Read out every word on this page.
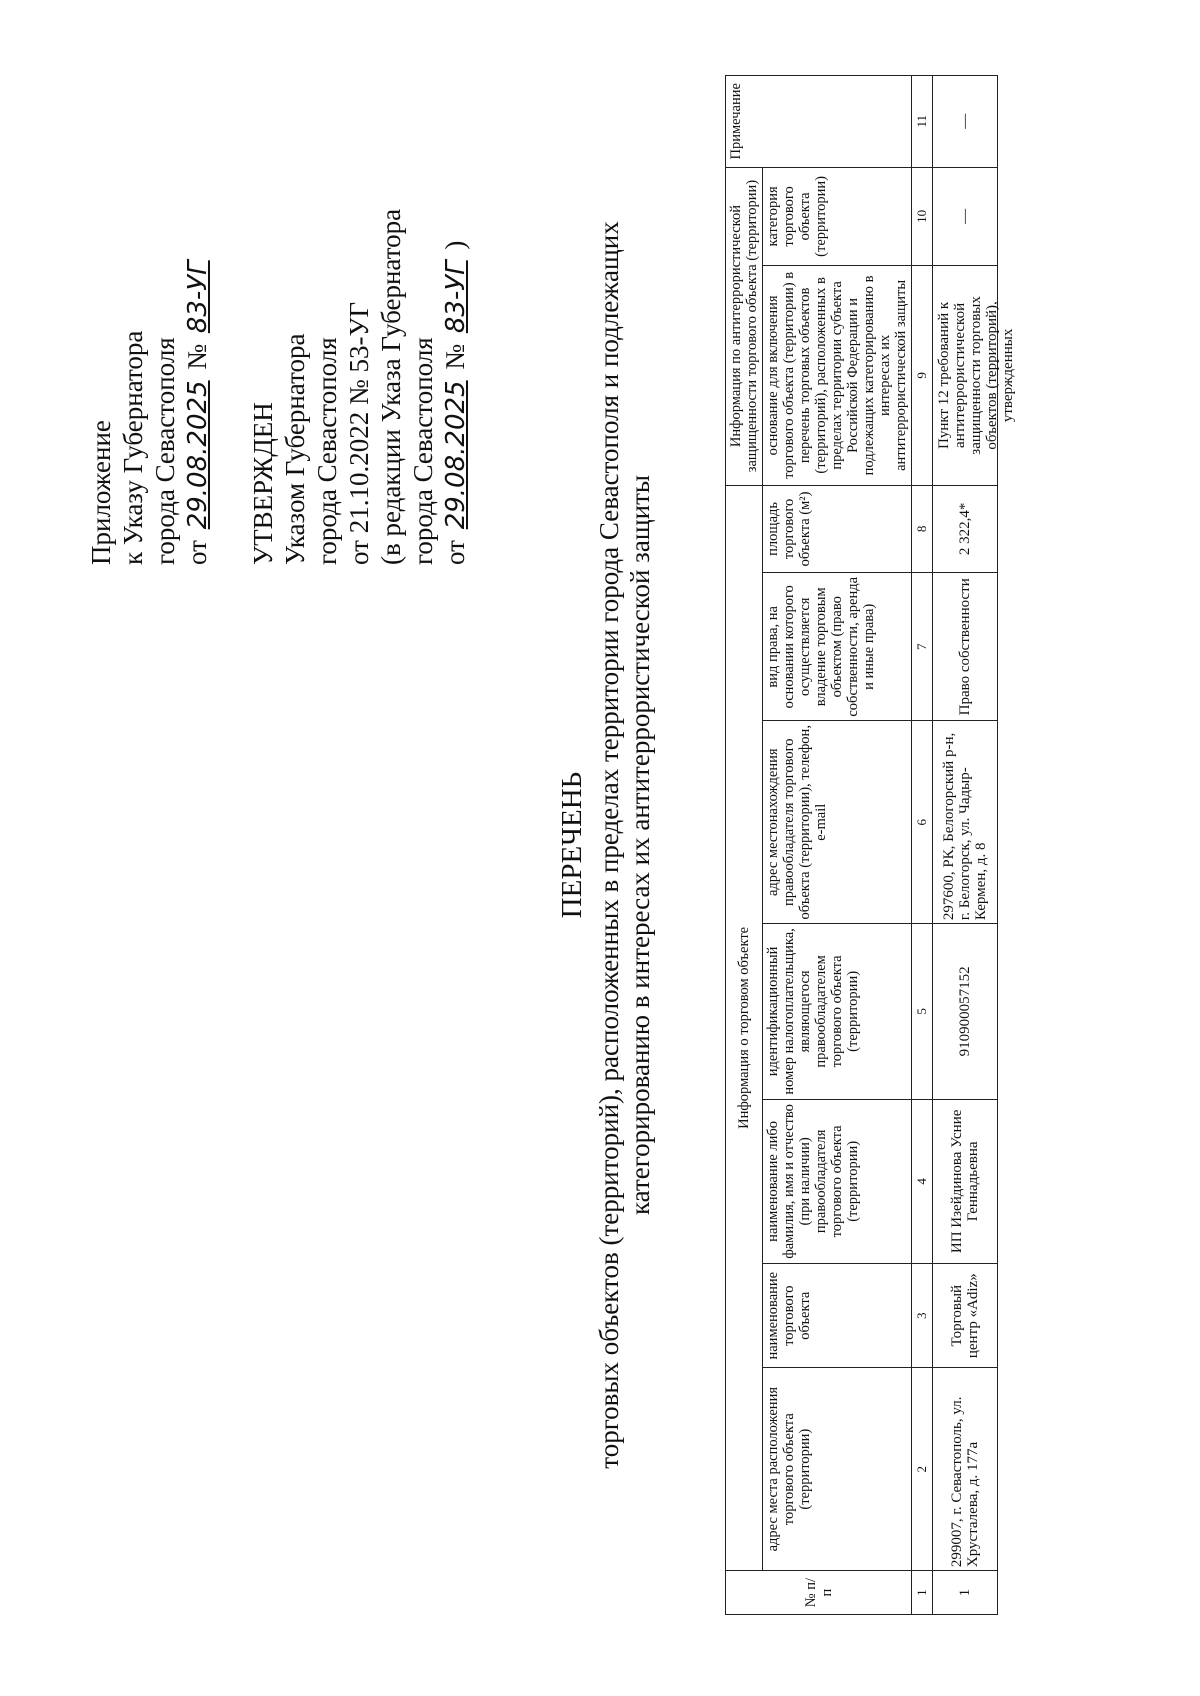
Приложение к Указу Губернатора города Севастополя от 29.08.2025 № 83-УГ
УТВЕРЖДЕН Указом Губернатора города Севастополя от 21.10.2022 № 53-УГ (в редакции Указа Губернатора города Севастополя от 29.08.2025 № 83-УГ )
ПЕРЕЧЕНЬ торговых объектов (территорий), расположенных в пределах территории города Севастополя и подлежащих категорированию в интересах их антитеррористической защиты
№ п/п	Информация о торговом объекте							Информация по антитеррористической защищенности торгового объекта (территории)		Примечание
	адрес места расположения торгового объекта (территории)	наименование торгового объекта	наименование либо фамилия, имя и отчество (при наличии) правообладателя торгового объекта (территории)	идентификационный номер налогоплательщика, являющегося правообладателем торгового объекта (территории)	адрес местонахождения правообладателя торгового объекта (территории), телефон, e-mail	вид права, на основании которого осуществляется владение торговым объектом (право собственности, аренда и иные права)	площадь торгового объекта (м²)	основание для включения торгового объекта (территории) в перечень торговых объектов (территорий), расположенных в пределах территории субъекта Российской Федерации и подлежащих категорированию в интересах их антитеррористической защиты	категория торгового объекта (территории)	
1	2	3	4	5	6	7	8	9	10	11
1	299007, г. Севастополь, ул. Хрусталева, д. 177а	Торговый центр «Adiz»	ИП Изейдинова Усние Геннадьевна	910900057152	297600, РК, Белогорский р-н, г. Белогорск, ул. Чадыр-Кермен, д. 8	Право собственности	2 322,4*	Пункт 12 требований к антитеррористической защищенности торговых объектов (территорий), утвержденных	—	—
